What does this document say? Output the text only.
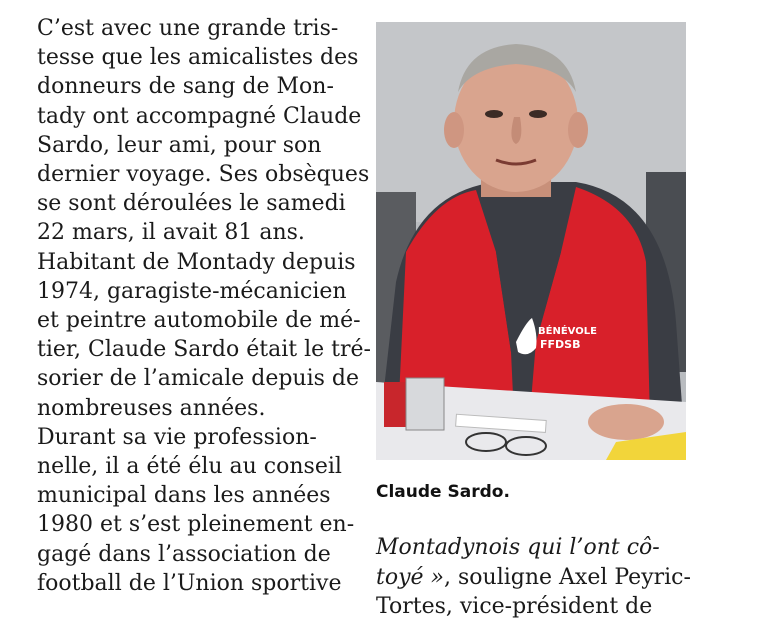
C’est avec une grande tris-
tesse que les amicalistes des
donneurs de sang de Mon-
tady ont accompagné Claude
Sardo, leur ami, pour son
dernier voyage. Ses obsèques
se sont déroulées le samedi
22 mars, il avait 81 ans.
Habitant de Montady depuis
1974, garagiste-mécanicien
et peintre automobile de mé-
tier, Claude Sardo était le tré-
sorier de l’amicale depuis de
nombreuses années.
Durant sa vie profession-
nelle, il a été élu au conseil
municipal dans les années
1980 et s’est pleinement en-
gagé dans l’association de
football de l’Union sportive
BÉNÉVOLE
FFDSB
Claude Sardo.
Montadynois qui l’ont cô-
toyé », souligne Axel Peyric-
Tortes, vice-président de
